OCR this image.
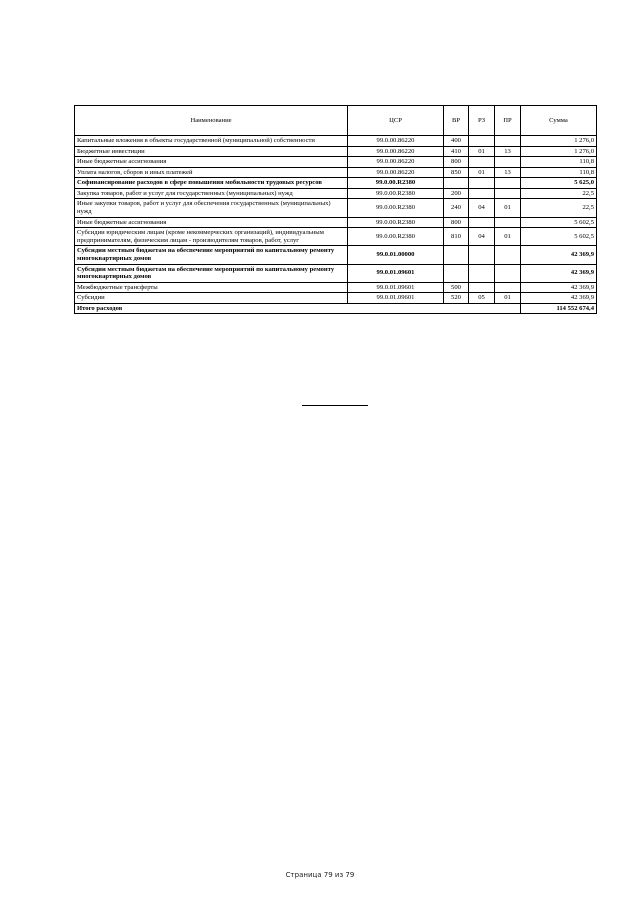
Наименование	ЦСР	ВР	РЗ	ПР	Сумма
Капитальные вложения в объекты государственной (муниципальной) собственности	99.0.00.86220	400			1 276,0
Бюджетные инвестиции	99.0.00.86220	410	01	13	1 276,0
Иные бюджетные ассигнования	99.0.00.86220	800			110,8
Уплата налогов, сборов и иных платежей	99.0.00.86220	850	01	13	110,8
Софинансирование расходов в сфере повышения мобильности трудовых ресурсов	99.0.00.R2380				5 625,0
Закупка товаров, работ и услуг для государственных (муниципальных) нужд	99.0.00.R2380	200			22,5
Иные закупки товаров, работ и услуг для обеспечения государственных (муниципальных) нужд	99.0.00.R2380	240	04	01	22,5
Иные бюджетные ассигнования	99.0.00.R2380	800			5 602,5
Субсидии юридическим лицам (кроме некоммерческих организаций), индивидуальным предпринимателям, физическим лицам - производителям товаров, работ, услуг	99.0.00.R2380	810	04	01	5 602,5
Субсидии местным бюджетам на обеспечение мероприятий по капитальному ремонту многоквартирных домов	99.0.01.00000				42 369,9
Субсидии местным бюджетам на обеспечение мероприятий по капитальному ремонту многоквартирных домов	99.0.01.09601				42 369,9
Межбюджетные трансферты	99.0.01.09601	500			42 369,9
Субсидии	99.0.01.09601	520	05	01	42 369,9
Итого расходов					114 552 674,4
Страница 79 из 79
